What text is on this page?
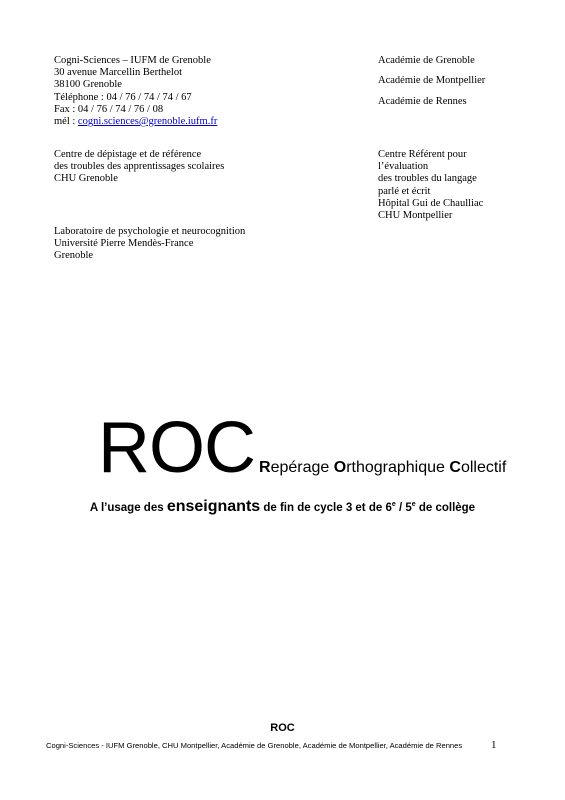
Cogni-Sciences – IUFM de Grenoble
30 avenue Marcellin Berthelot
38100 Grenoble
Téléphone : 04 / 76 / 74 / 74 / 67
Fax : 04 / 76 / 74 / 76 / 08
mél : cogni.sciences@grenoble.iufm.fr
Académie de Grenoble
Académie de Montpellier
Académie de Rennes
Centre de dépistage et de référence
des troubles des apprentissages scolaires
CHU Grenoble
Centre Référent pour
l’évaluation
des troubles du langage
parlé et écrit
Hôpital Gui de Chaulliac
CHU Montpellier
Laboratoire de psychologie et neurocognition
Université Pierre Mendès-France
Grenoble
ROC Repérage Orthographique Collectif
A l’usage des enseignants de fin de cycle 3 et de 6e / 5e de collège
ROC
Cogni-Sciences - IUFM Grenoble, CHU Montpellier, Académie de Grenoble, Académie de Montpellier, Académie de Rennes	1
